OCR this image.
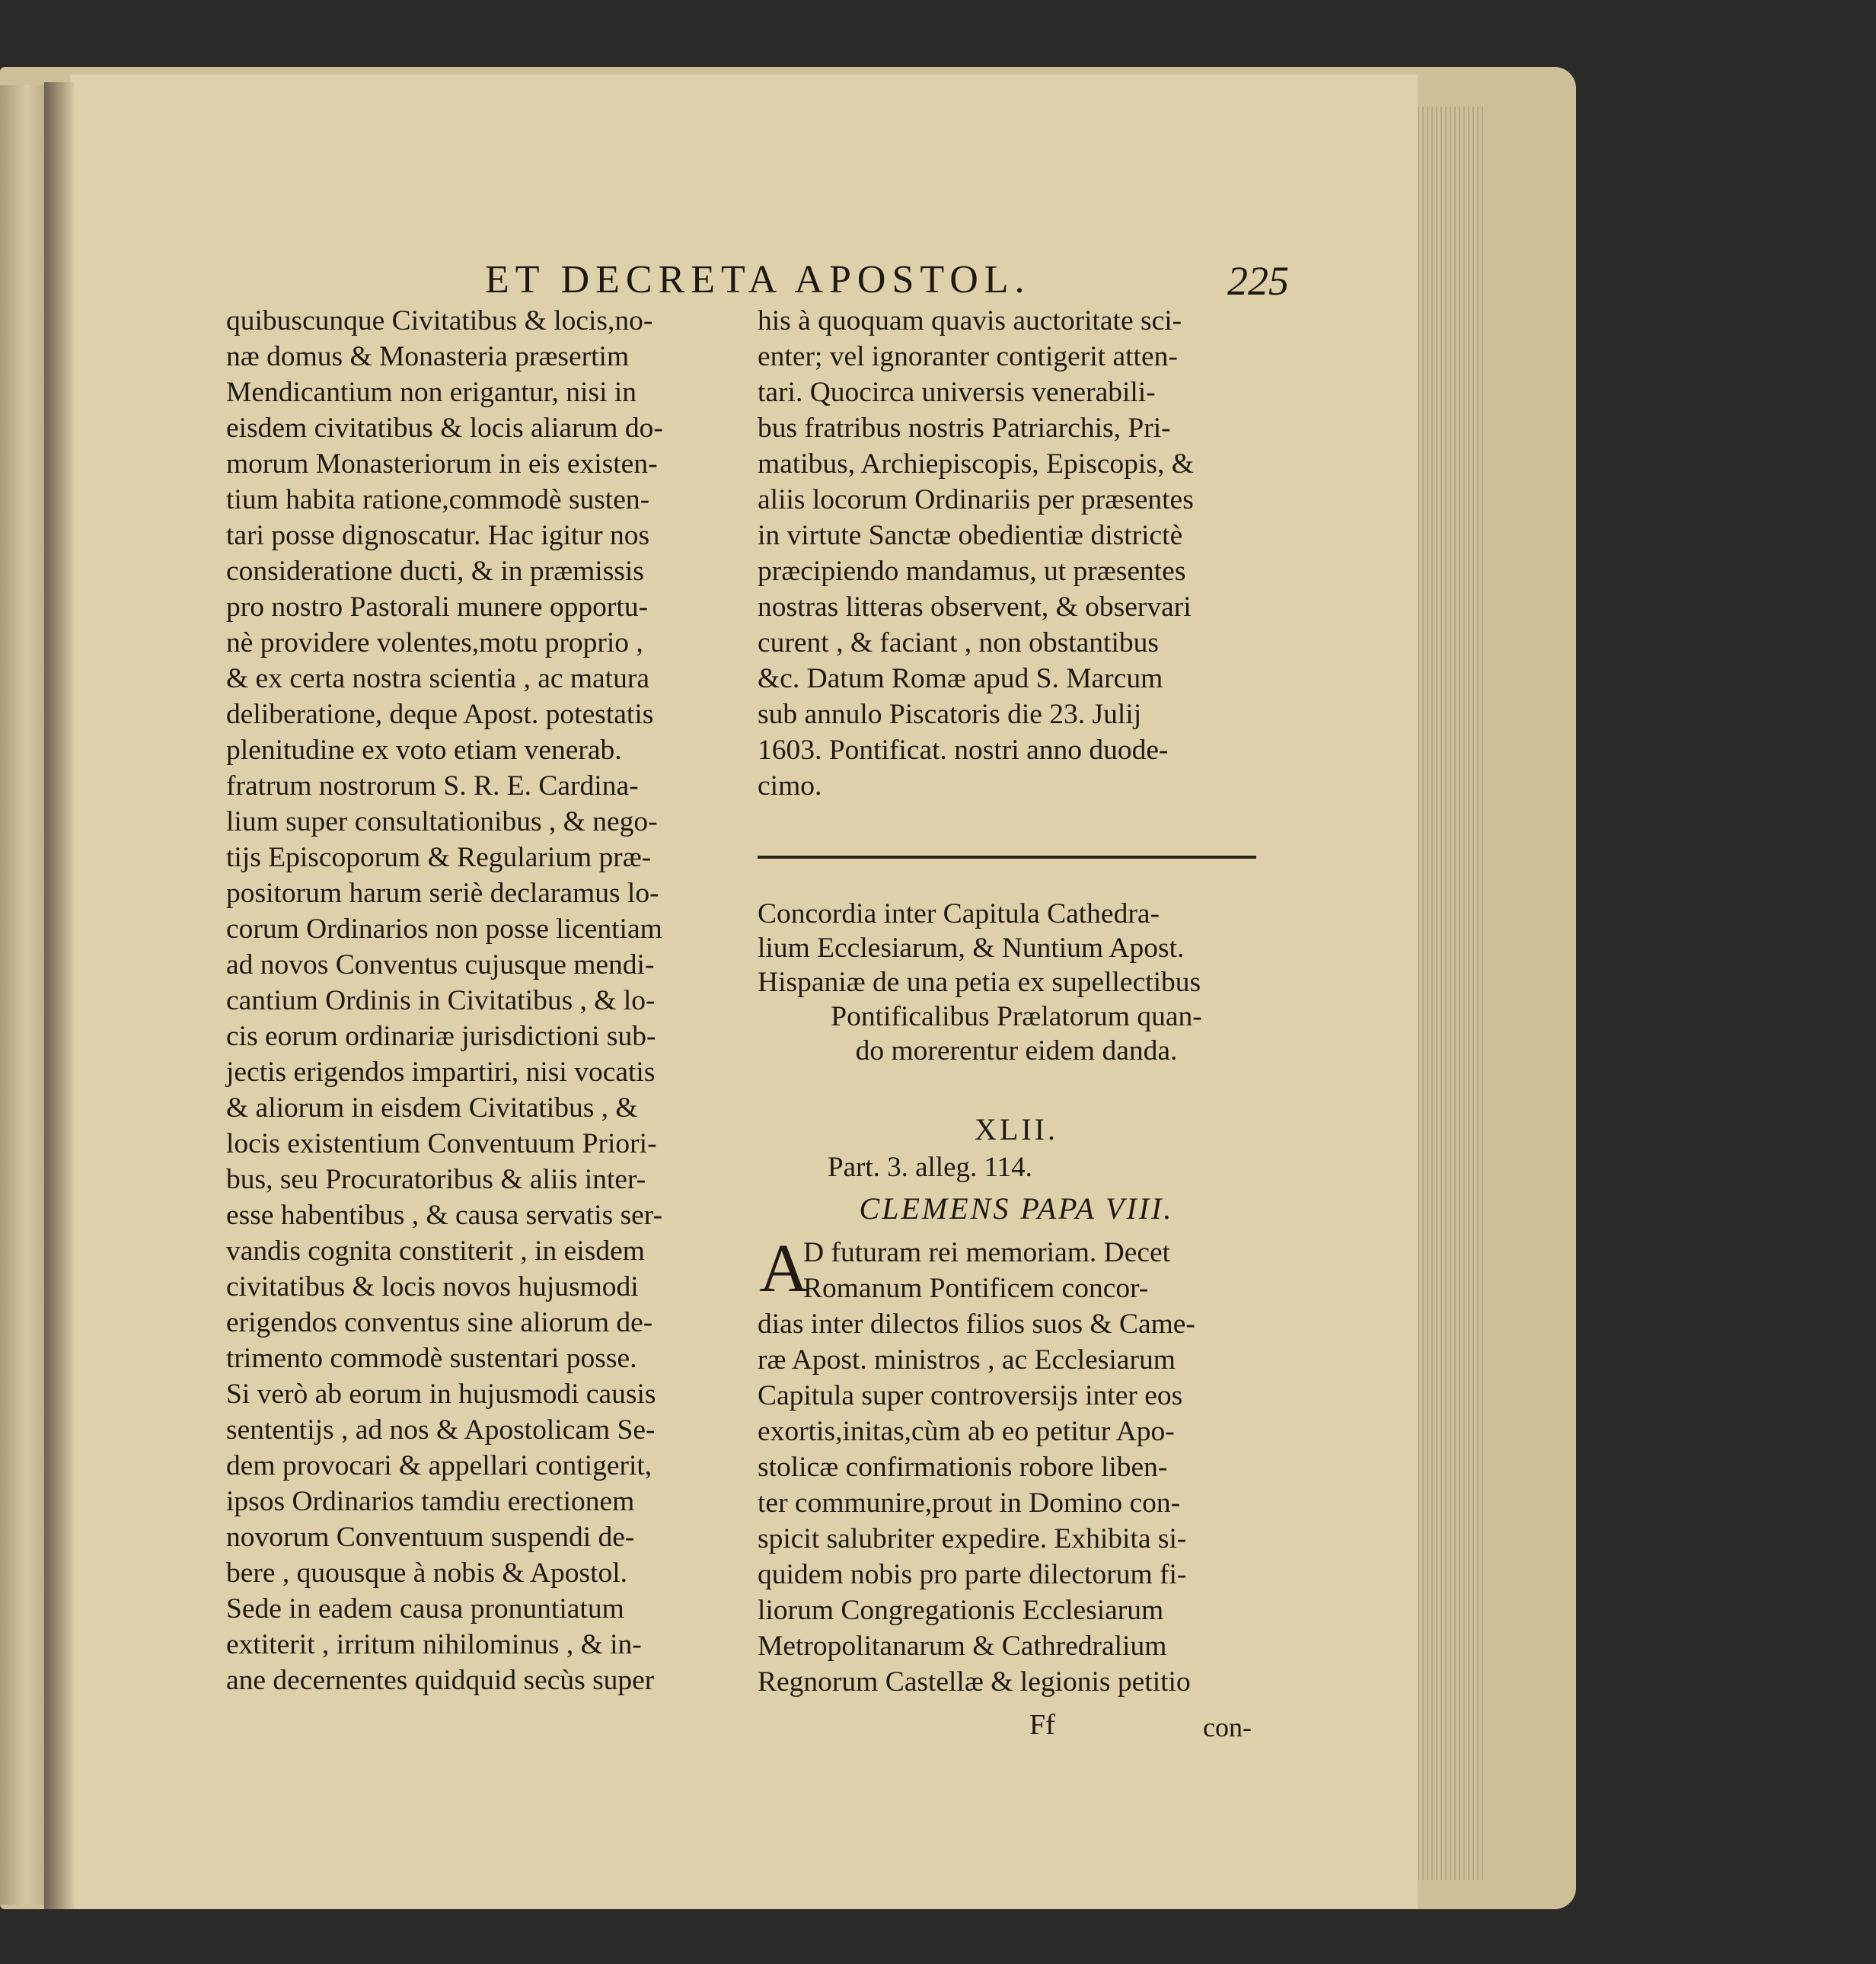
ET DECRETA APOSTOL.	225
quibuscunque Civitatibus & locis,no-
næ domus & Monasteria præsertim
Mendicantium non erigantur, nisi in
eisdem civitatibus & locis aliarum do-
morum Monasteriorum in eis existen-
tium habita ratione,commodè susten-
tari posse dignoscatur. Hac igitur nos
consideratione ducti, & in præmissis
pro nostro Pastorali munere opportu-
nè providere volentes,motu proprio ,
& ex certa nostra scientia , ac matura
deliberatione, deque Apost. potestatis
plenitudine ex voto etiam venerab.
fratrum nostrorum S. R. E. Cardina-
lium super consultationibus , & nego-
tijs Episcoporum & Regularium præ-
positorum harum seriè declaramus lo-
corum Ordinarios non posse licentiam
ad novos Conventus cujusque mendi-
cantium Ordinis in Civitatibus , & lo-
cis eorum ordinariæ jurisdictioni sub-
jectis erigendos impartiri, nisi vocatis
& aliorum in eisdem Civitatibus , &
locis existentium Conventuum Priori-
bus, seu Procuratoribus & aliis inter-
esse habentibus , & causa servatis ser-
vandis cognita constiterit , in eisdem
civitatibus & locis novos hujusmodi
erigendos conventus sine aliorum de-
trimento commodè sustentari posse.
Si verò ab eorum in hujusmodi causis
sententijs , ad nos & Apostolicam Se-
dem provocari & appellari contigerit,
ipsos Ordinarios tamdiu erectionem
novorum Conventuum suspendi de-
bere , quousque à nobis & Apostol.
Sede in eadem causa pronuntiatum
extiterit , irritum nihilominus , & in-
ane decernentes quidquid secùs super
his à quoquam quavis auctoritate sci-
enter; vel ignoranter contigerit atten-
tari. Quocirca universis venerabili-
bus fratribus nostris Patriarchis, Pri-
matibus, Archiepiscopis, Episcopis, &
aliis locorum Ordinariis per præsentes
in virtute Sanctæ obedientiæ districtè
præcipiendo mandamus, ut præsentes
nostras litteras observent, & observari
curent , & faciant , non obstantibus
&c. Datum Romæ apud S. Marcum
sub annulo Piscatoris die 23. Julij
1603. Pontificat. nostri anno duode-
cimo.
Concordia inter Capitula Cathedra-
lium Ecclesiarum, & Nuntium Apost.
Hispaniæ de una petia ex supellectibus
Pontificalibus Prælatorum quan-
do morerentur eidem danda.
XLII.
Part. 3. alleg. 114.
CLEMENS PAPA VIII.
A
D futuram rei memoriam. Decet
Romanum Pontificem concor-
dias inter dilectos filios suos & Came-
ræ Apost. ministros , ac Ecclesiarum
Capitula super controversijs inter eos
exortis,initas,cùm ab eo petitur Apo-
stolicæ confirmationis robore liben-
ter communire,prout in Domino con-
spicit salubriter expedire. Exhibita si-
quidem nobis pro parte dilectorum fi-
liorum Congregationis Ecclesiarum
Metropolitanarum & Cathredralium
Regnorum Castellæ & legionis petitio
Ff	con-
